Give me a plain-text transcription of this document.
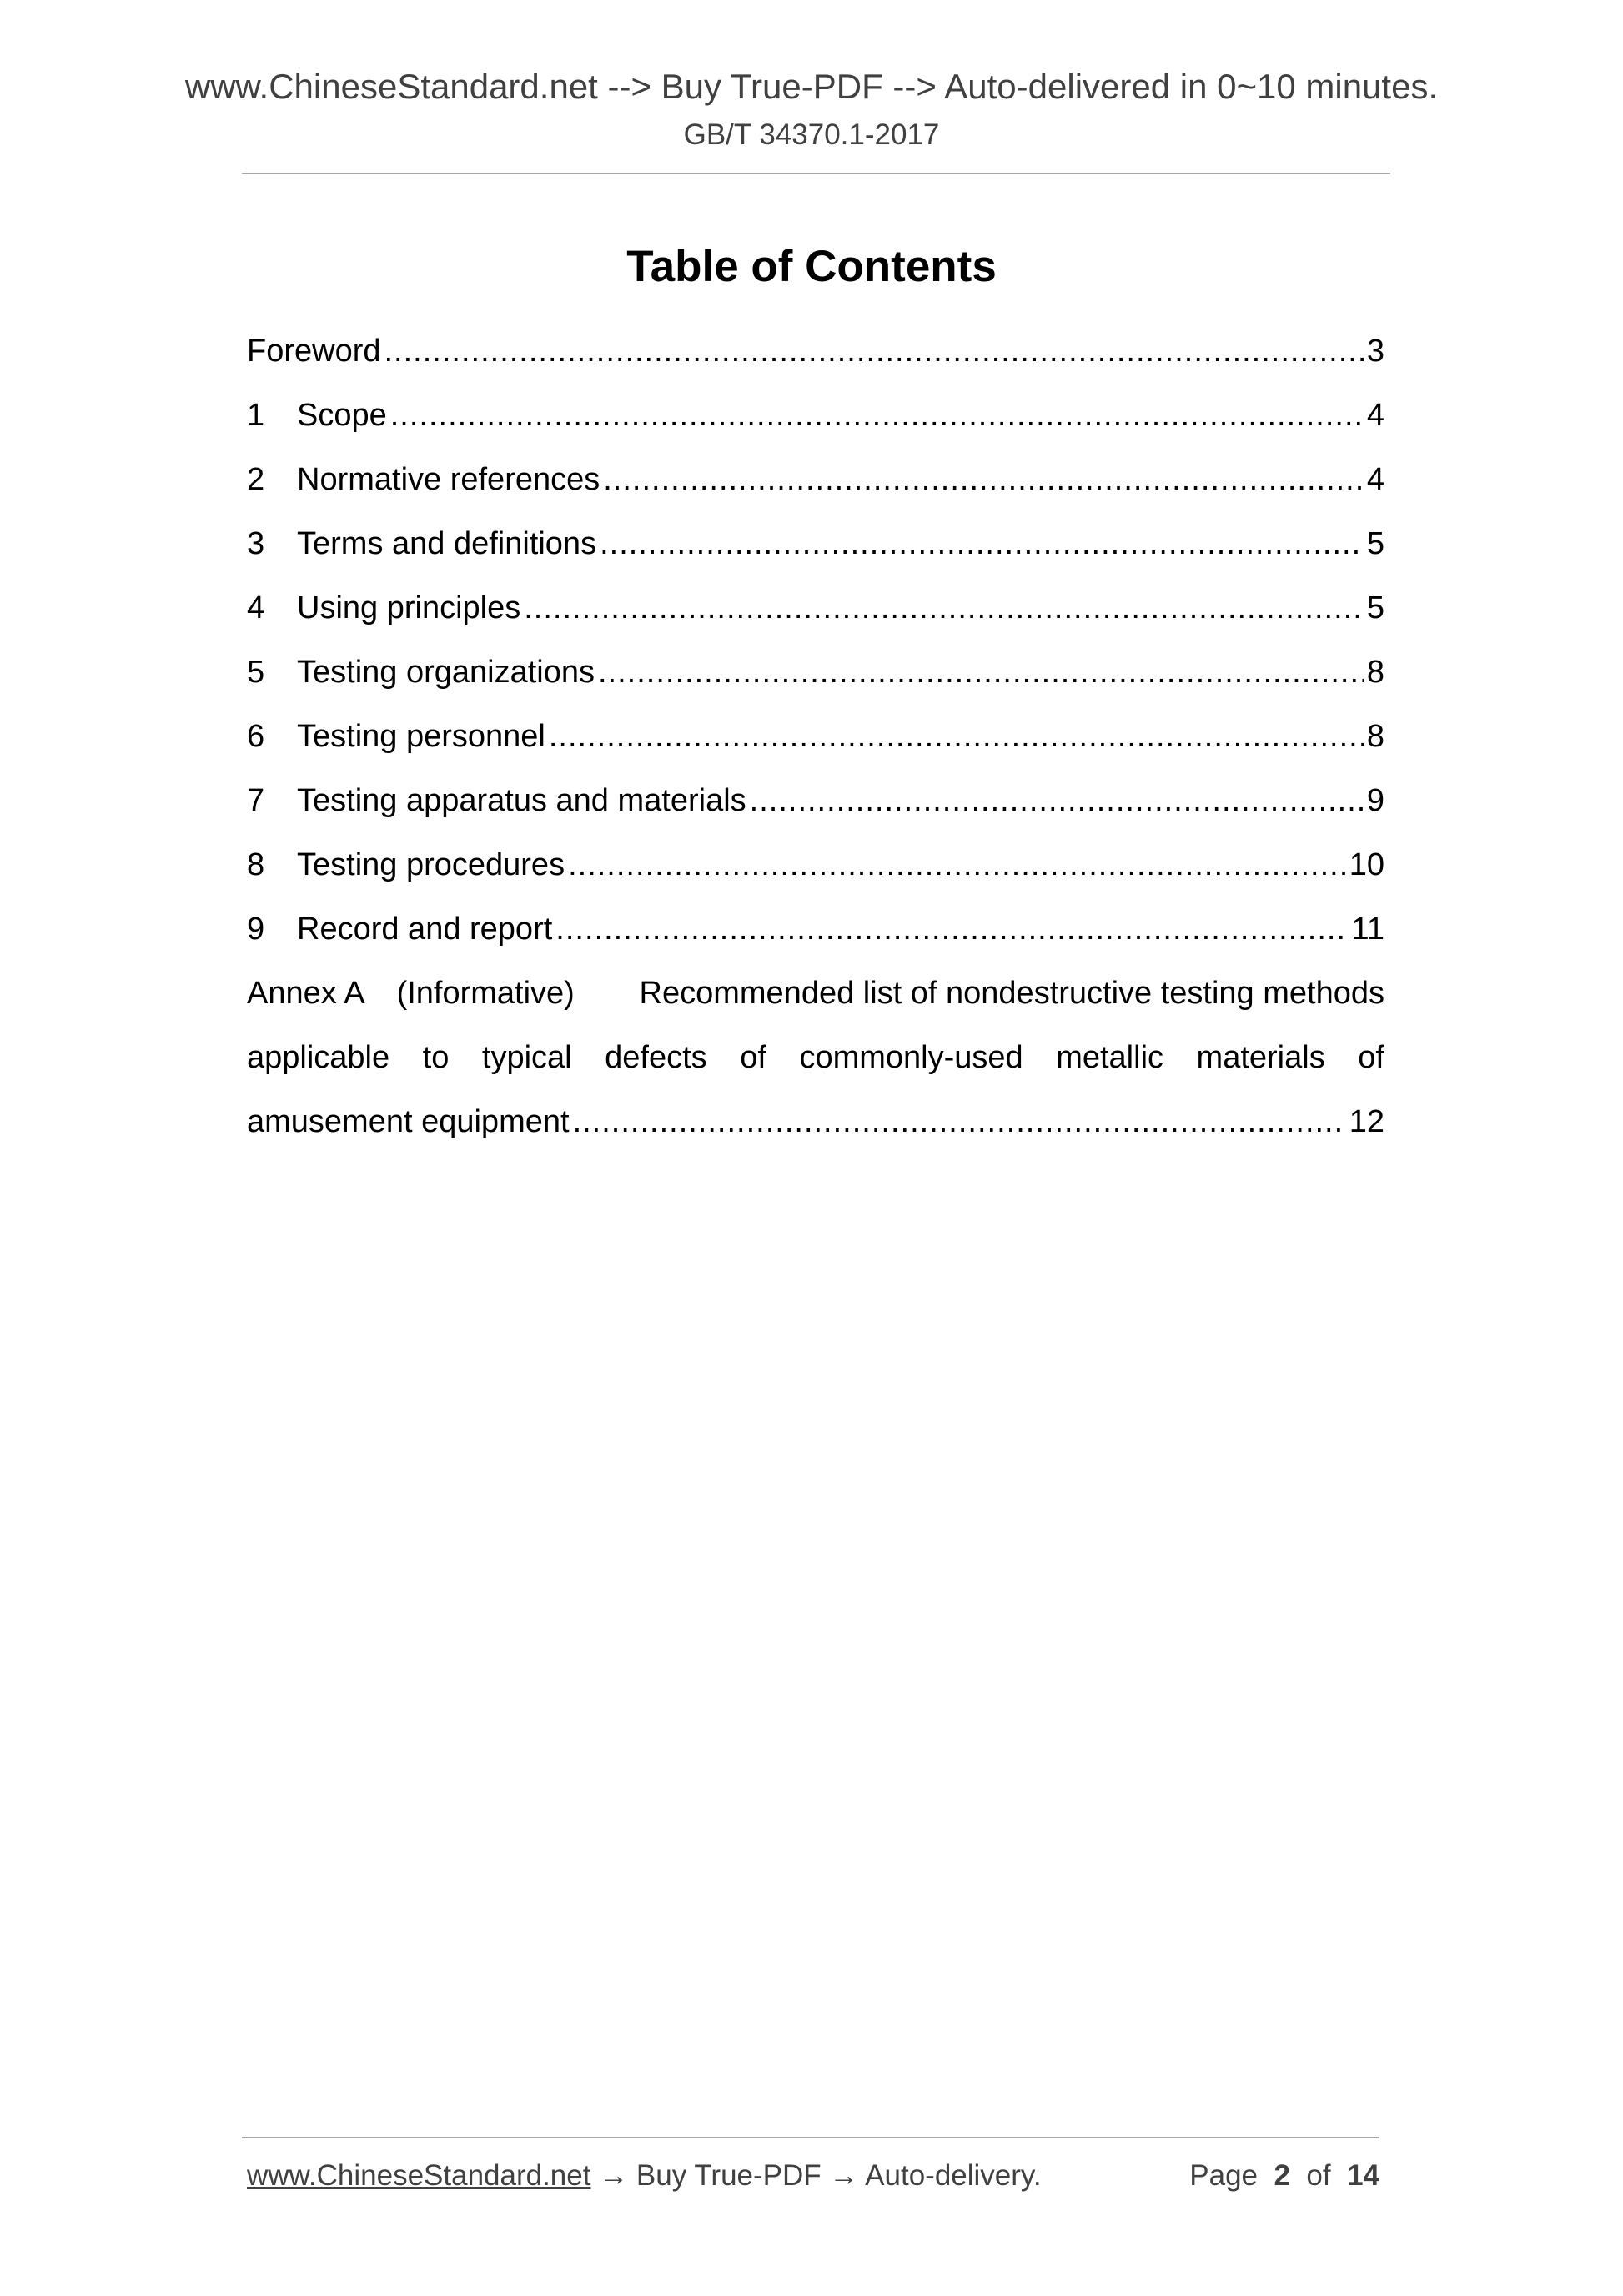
www.ChineseStandard.net --> Buy True-PDF --> Auto-delivered in 0~10 minutes.
GB/T 34370.1-2017
Table of Contents
Foreword .....	3
1	Scope .....	4
2	Normative references .....	4
3	Terms and definitions .....	5
4	Using principles .....	5
5	Testing organizations .....	8
6	Testing personnel .....	8
7	Testing apparatus and materials .....	9
8	Testing procedures .....	10
9	Record and report .....	11
Annex A (Informative)	Recommended list of nondestructive testing methods
applicable to typical defects of commonly-used metallic materials of
amusement equipment .....	12
www.ChineseStandard.net → Buy True-PDF → Auto-delivery.	Page 2 of 14
